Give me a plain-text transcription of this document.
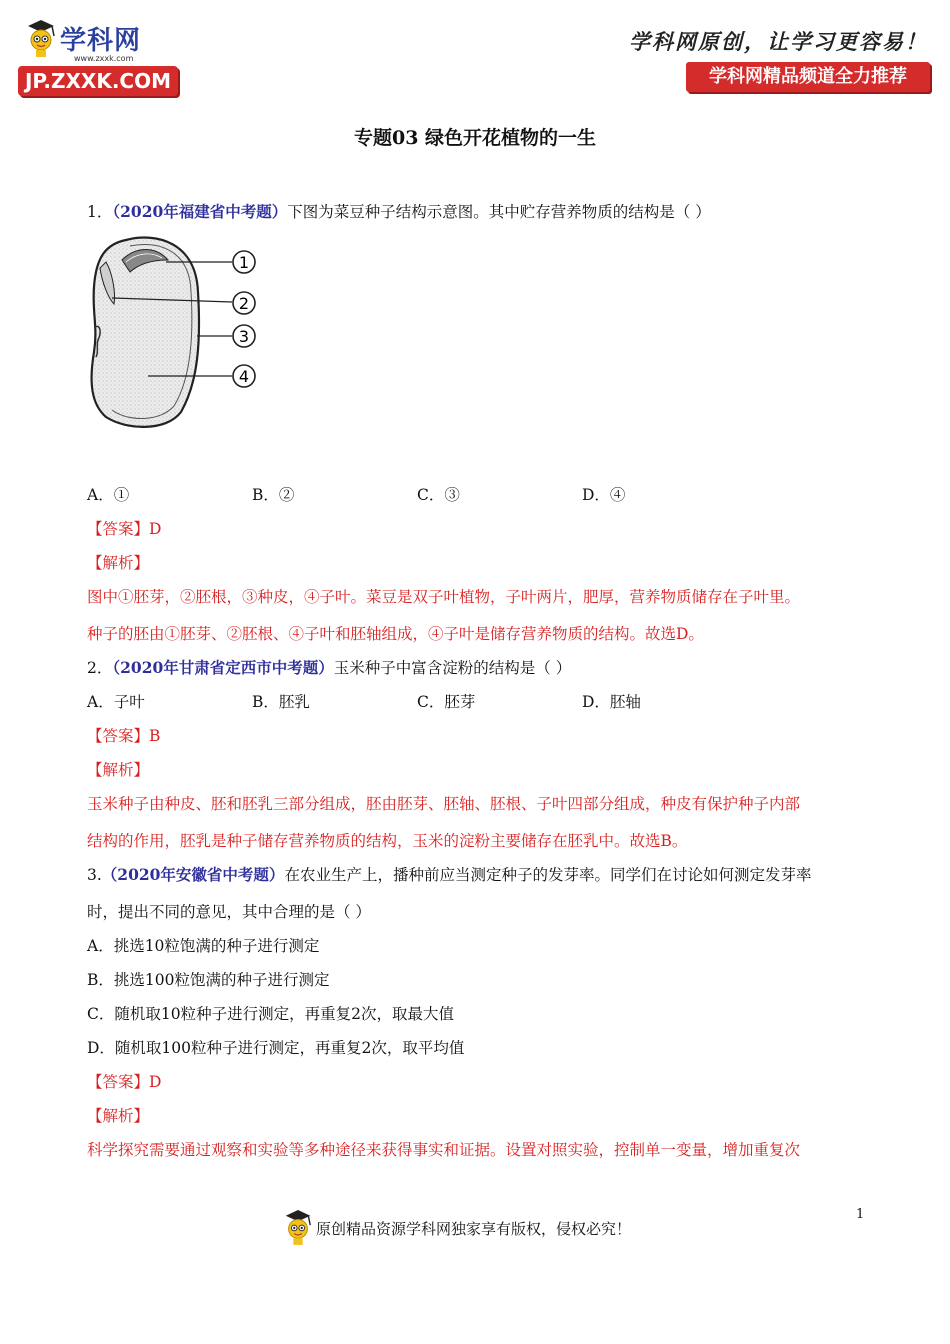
学科网
www.zxxk.com
JP.ZXXK.COM
学科网原创，让学习更容易！
学科网精品频道全力推荐
专题03 绿色开花植物的一生
1．（2020年福建省中考题）下图为菜豆种子结构示意图。其中贮存营养物质的结构是（ ）
1
2
3
4
A．①	B．②	C．③	D．④
【答案】D
【解析】
图中①胚芽，②胚根，③种皮，④子叶。菜豆是双子叶植物，子叶两片，肥厚，营养物质储存在子叶里。
种子的胚由①胚芽、②胚根、④子叶和胚轴组成，④子叶是储存营养物质的结构。故选D。
2．（2020年甘肃省定西市中考题）玉米种子中富含淀粉的结构是（ ）
A．子叶	B．胚乳	C．胚芽	D．胚轴
【答案】B
【解析】
玉米种子由种皮、胚和胚乳三部分组成，胚由胚芽、胚轴、胚根、子叶四部分组成，种皮有保护种子内部
结构的作用，胚乳是种子储存营养物质的结构，玉米的淀粉主要储存在胚乳中。故选B。
3.（2020年安徽省中考题）在农业生产上，播种前应当测定种子的发芽率。同学们在讨论如何测定发芽率
时，提出不同的意见，其中合理的是（ ）
A．挑选10粒饱满的种子进行测定
B．挑选100粒饱满的种子进行测定
C．随机取10粒种子进行测定，再重复2次，取最大值
D．随机取100粒种子进行测定，再重复2次，取平均值
【答案】D
【解析】
科学探究需要通过观察和实验等多种途径来获得事实和证据。设置对照实验，控制单一变量，增加重复次
1
原创精品资源学科网独家享有版权，侵权必究！
